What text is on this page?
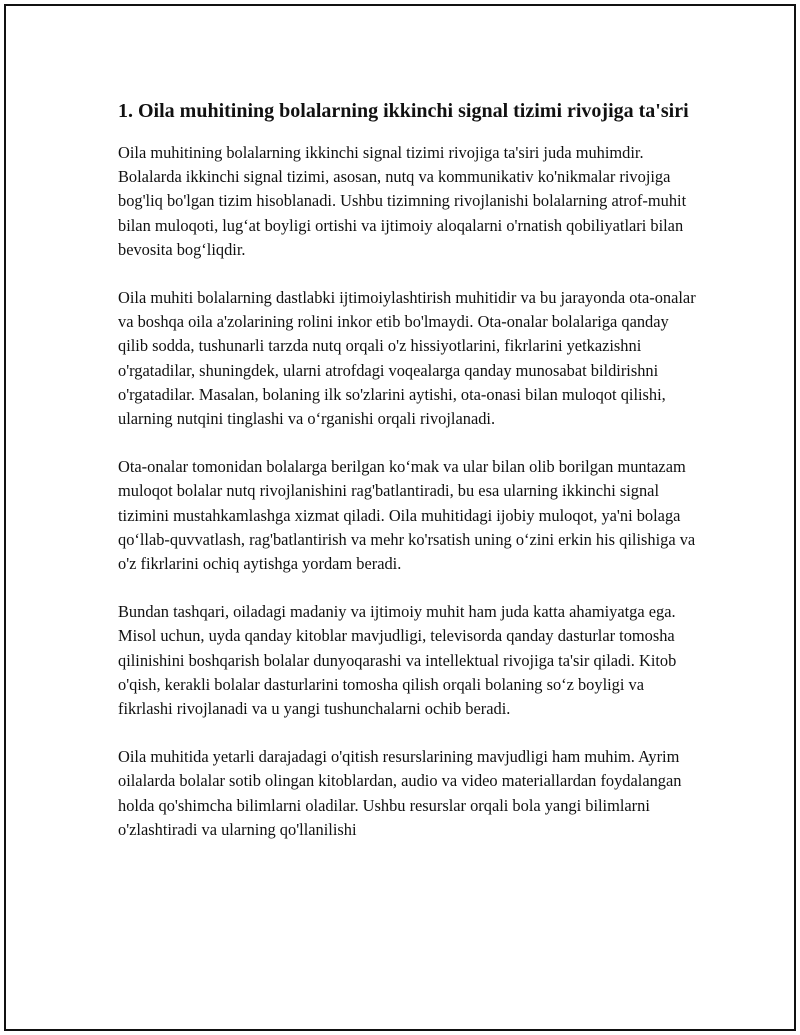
1. Oila muhitining bolalarning ikkinchi signal tizimi rivojiga ta'siri

Oila muhitining bolalarning ikkinchi signal tizimi rivojiga ta'siri juda muhimdir. Bolalarda ikkinchi signal tizimi, asosan, nutq va kommunikativ ko'nikmalar rivojiga bog'liq bo'lgan tizim hisoblanadi. Ushbu tizimning rivojlanishi bolalarning atrof-muhit bilan muloqoti, lug‘at boyligi ortishi va ijtimoiy aloqalarni o'rnatish qobiliyatlari bilan bevosita bog‘liqdir.

Oila muhiti bolalarning dastlabki ijtimoiylashtirish muhitidir va bu jarayonda ota-onalar va boshqa oila a'zolarining rolini inkor etib bo'lmaydi. Ota-onalar bolalariga qanday qilib sodda, tushunarli tarzda nutq orqali o'z hissiyotlarini, fikrlarini yetkazishni o'rgatadilar, shuningdek, ularni atrofdagi voqealarga qanday munosabat bildirishni o'rgatadilar. Masalan, bolaning ilk so'zlarini aytishi, ota-onasi bilan muloqot qilishi, ularning nutqini tinglashi va o‘rganishi orqali rivojlanadi.

Ota-onalar tomonidan bolalarga berilgan ko‘mak va ular bilan olib borilgan muntazam muloqot bolalar nutq rivojlanishini rag'batlantiradi, bu esa ularning ikkinchi signal tizimini mustahkamlashga xizmat qiladi. Oila muhitidagi ijobiy muloqot, ya'ni bolaga qo‘llab-quvvatlash, rag'batlantirish va mehr ko'rsatish uning o‘zini erkin his qilishiga va o'z fikrlarini ochiq aytishga yordam beradi.

Bundan tashqari, oiladagi madaniy va ijtimoiy muhit ham juda katta ahamiyatga ega. Misol uchun, uyda qanday kitoblar mavjudligi, televisorda qanday dasturlar tomosha qilinishini boshqarish bolalar dunyoqarashi va intellektual rivojiga ta'sir qiladi. Kitob o'qish, kerakli bolalar dasturlarini tomosha qilish orqali bolaning so‘z boyligi va fikrlashi rivojlanadi va u yangi tushunchalarni ochib beradi.

Oila muhitida yetarli darajadagi o'qitish resurslarining mavjudligi ham muhim. Ayrim oilalarda bolalar sotib olingan kitoblardan, audio va video materiallardan foydalangan holda qo'shimcha bilimlarni oladilar. Ushbu resurslar orqali bola yangi bilimlarni o'zlashtiradi va ularning qo'llanilishi
